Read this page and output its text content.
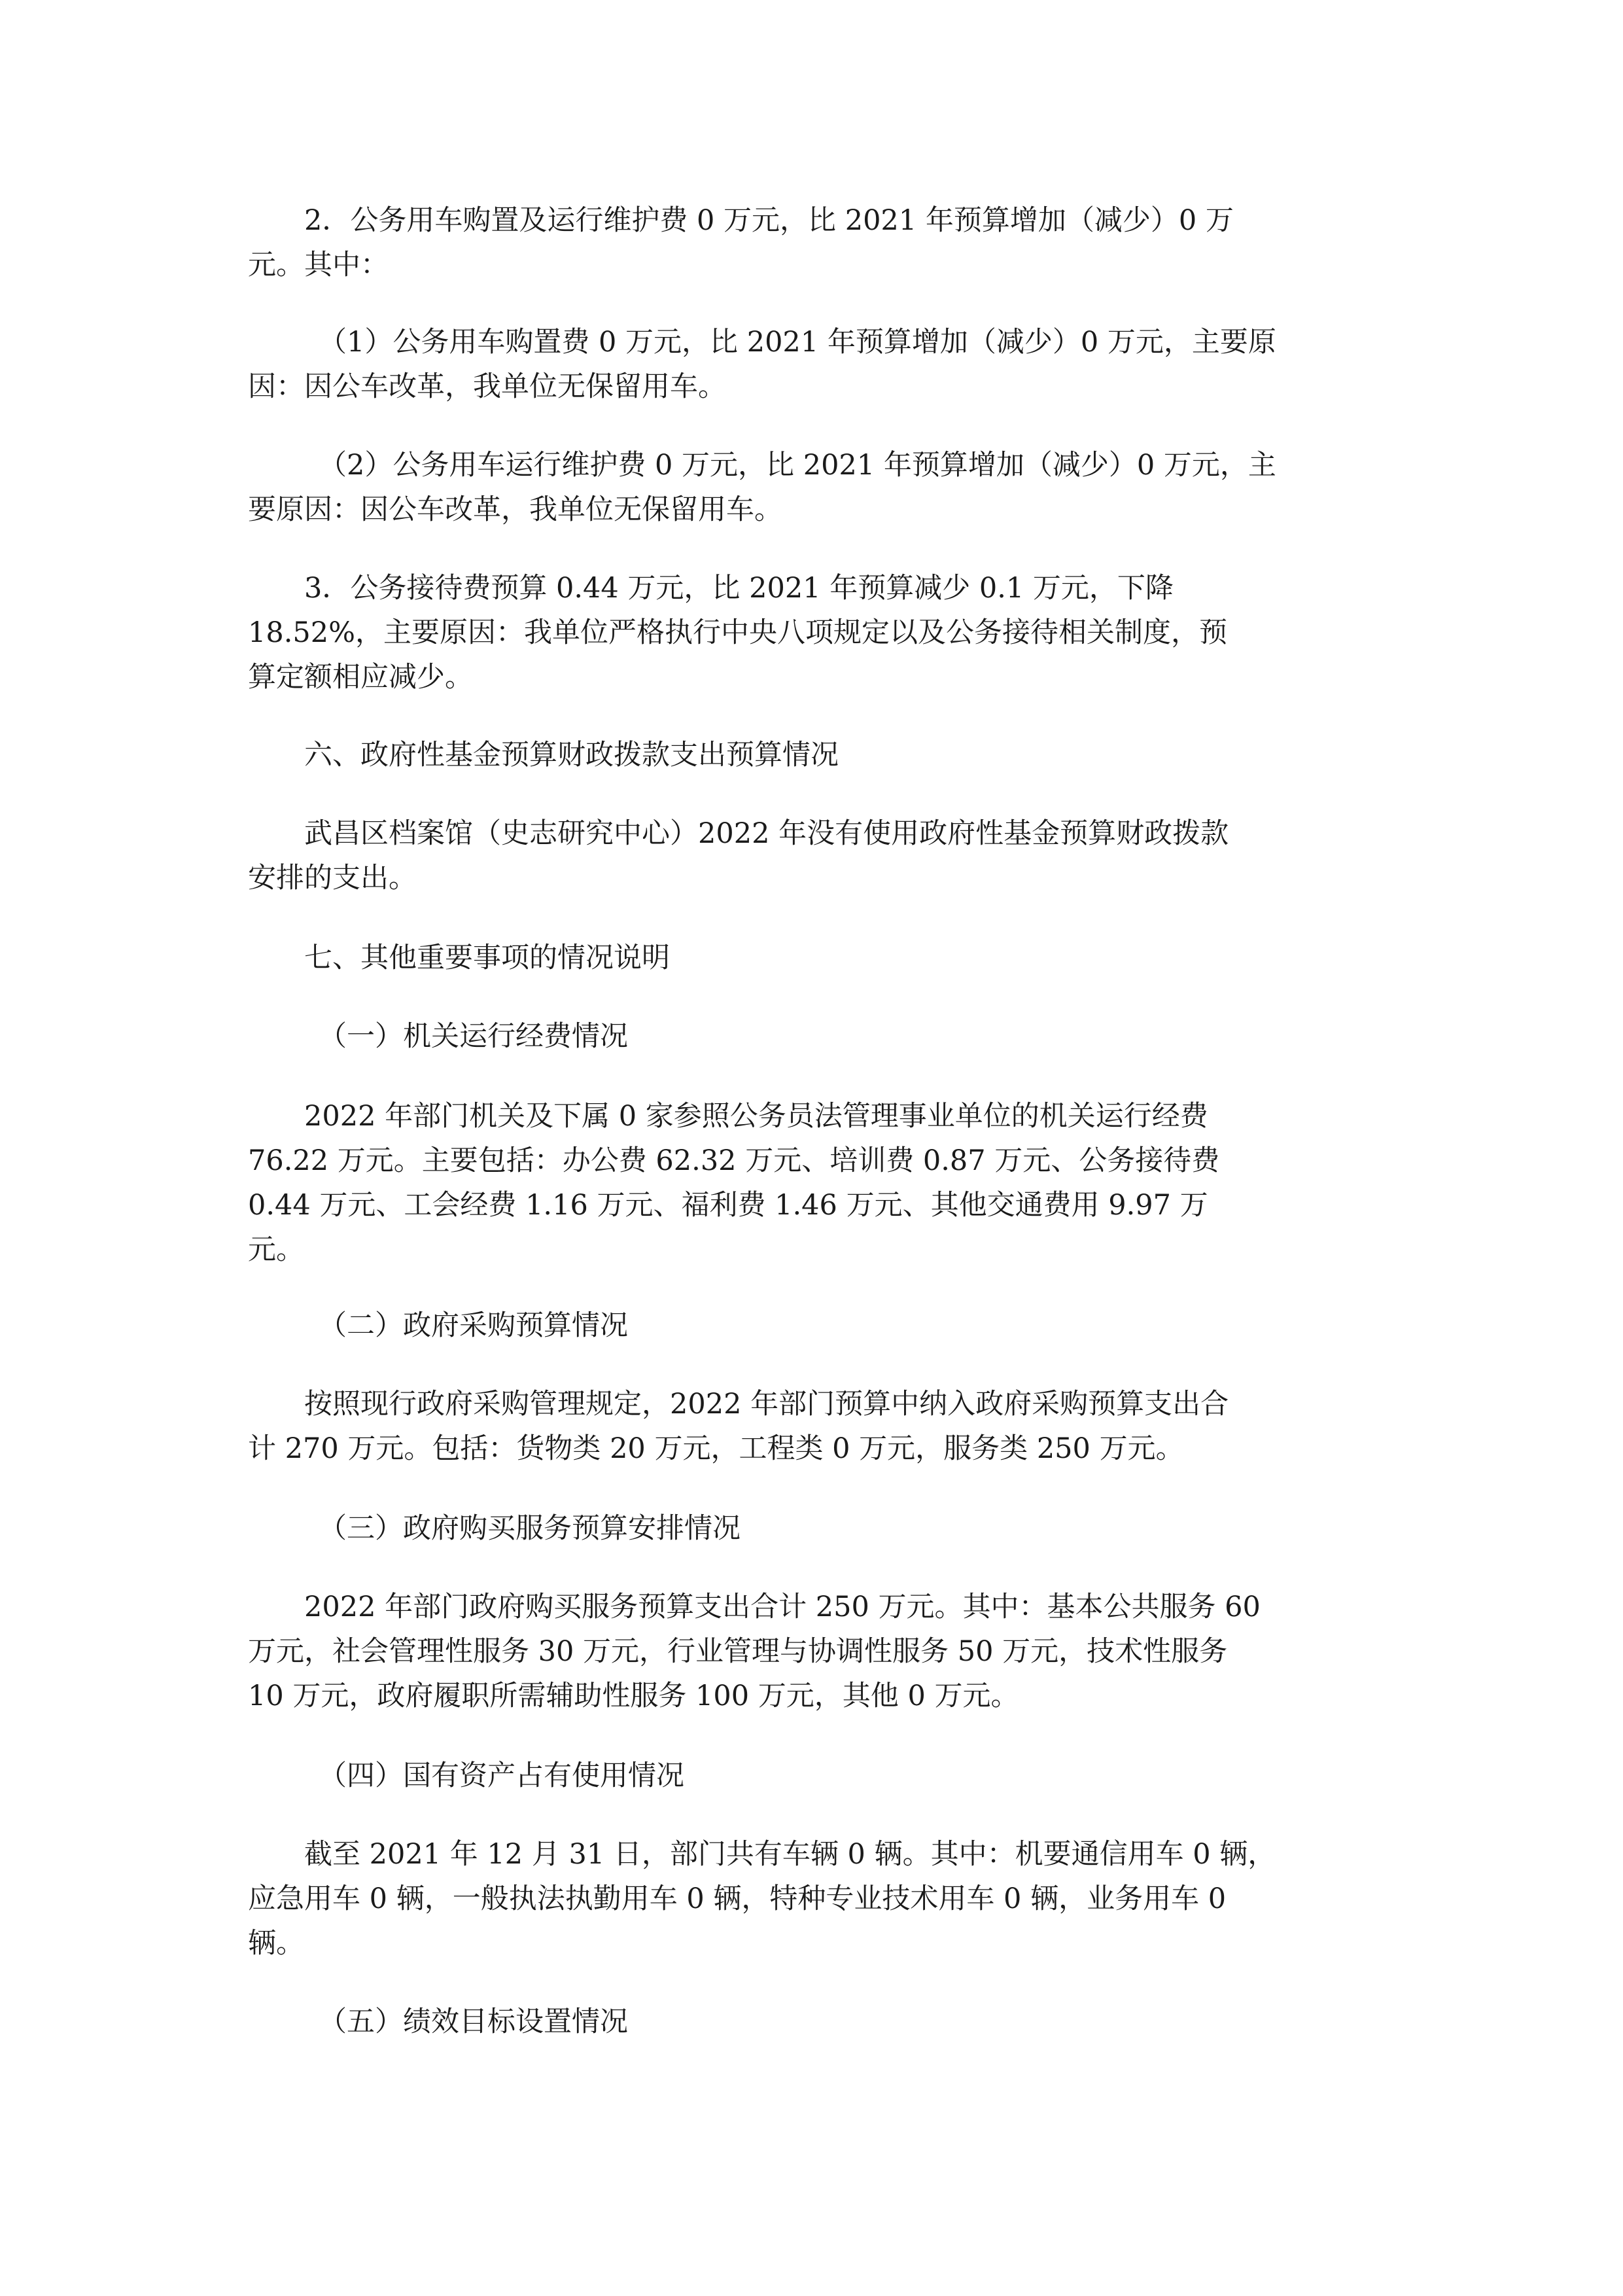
2．公务用车购置及运行维护费 0 万元，比 2021 年预算增加（减少）0 万
元。其中：

（1）公务用车购置费 0 万元，比 2021 年预算增加（减少）0 万元，主要原
因：因公车改革，我单位无保留用车。

（2）公务用车运行维护费 0 万元，比 2021 年预算增加（减少）0 万元，主
要原因：因公车改革，我单位无保留用车。

3．公务接待费预算 0.44 万元，比 2021 年预算减少 0.1 万元，下降
18.52%，主要原因：我单位严格执行中央八项规定以及公务接待相关制度，预
算定额相应减少。

六、政府性基金预算财政拨款支出预算情况

武昌区档案馆（史志研究中心）2022 年没有使用政府性基金预算财政拨款
安排的支出。

七、其他重要事项的情况说明

（一）机关运行经费情况

2022 年部门机关及下属 0 家参照公务员法管理事业单位的机关运行经费
76.22 万元。主要包括：办公费 62.32 万元、培训费 0.87 万元、公务接待费
0.44 万元、工会经费 1.16 万元、福利费 1.46 万元、其他交通费用 9.97 万
元。

（二）政府采购预算情况

按照现行政府采购管理规定，2022 年部门预算中纳入政府采购预算支出合
计 270 万元。包括：货物类 20 万元，工程类 0 万元，服务类 250 万元。

（三）政府购买服务预算安排情况

2022 年部门政府购买服务预算支出合计 250 万元。其中：基本公共服务 60
万元，社会管理性服务 30 万元，行业管理与协调性服务 50 万元，技术性服务
10 万元，政府履职所需辅助性服务 100 万元，其他 0 万元。

（四）国有资产占有使用情况

截至 2021 年 12 月 31 日，部门共有车辆 0 辆。其中：机要通信用车 0 辆，
应急用车 0 辆，一般执法执勤用车 0 辆，特种专业技术用车 0 辆，业务用车 0
辆。

（五）绩效目标设置情况
